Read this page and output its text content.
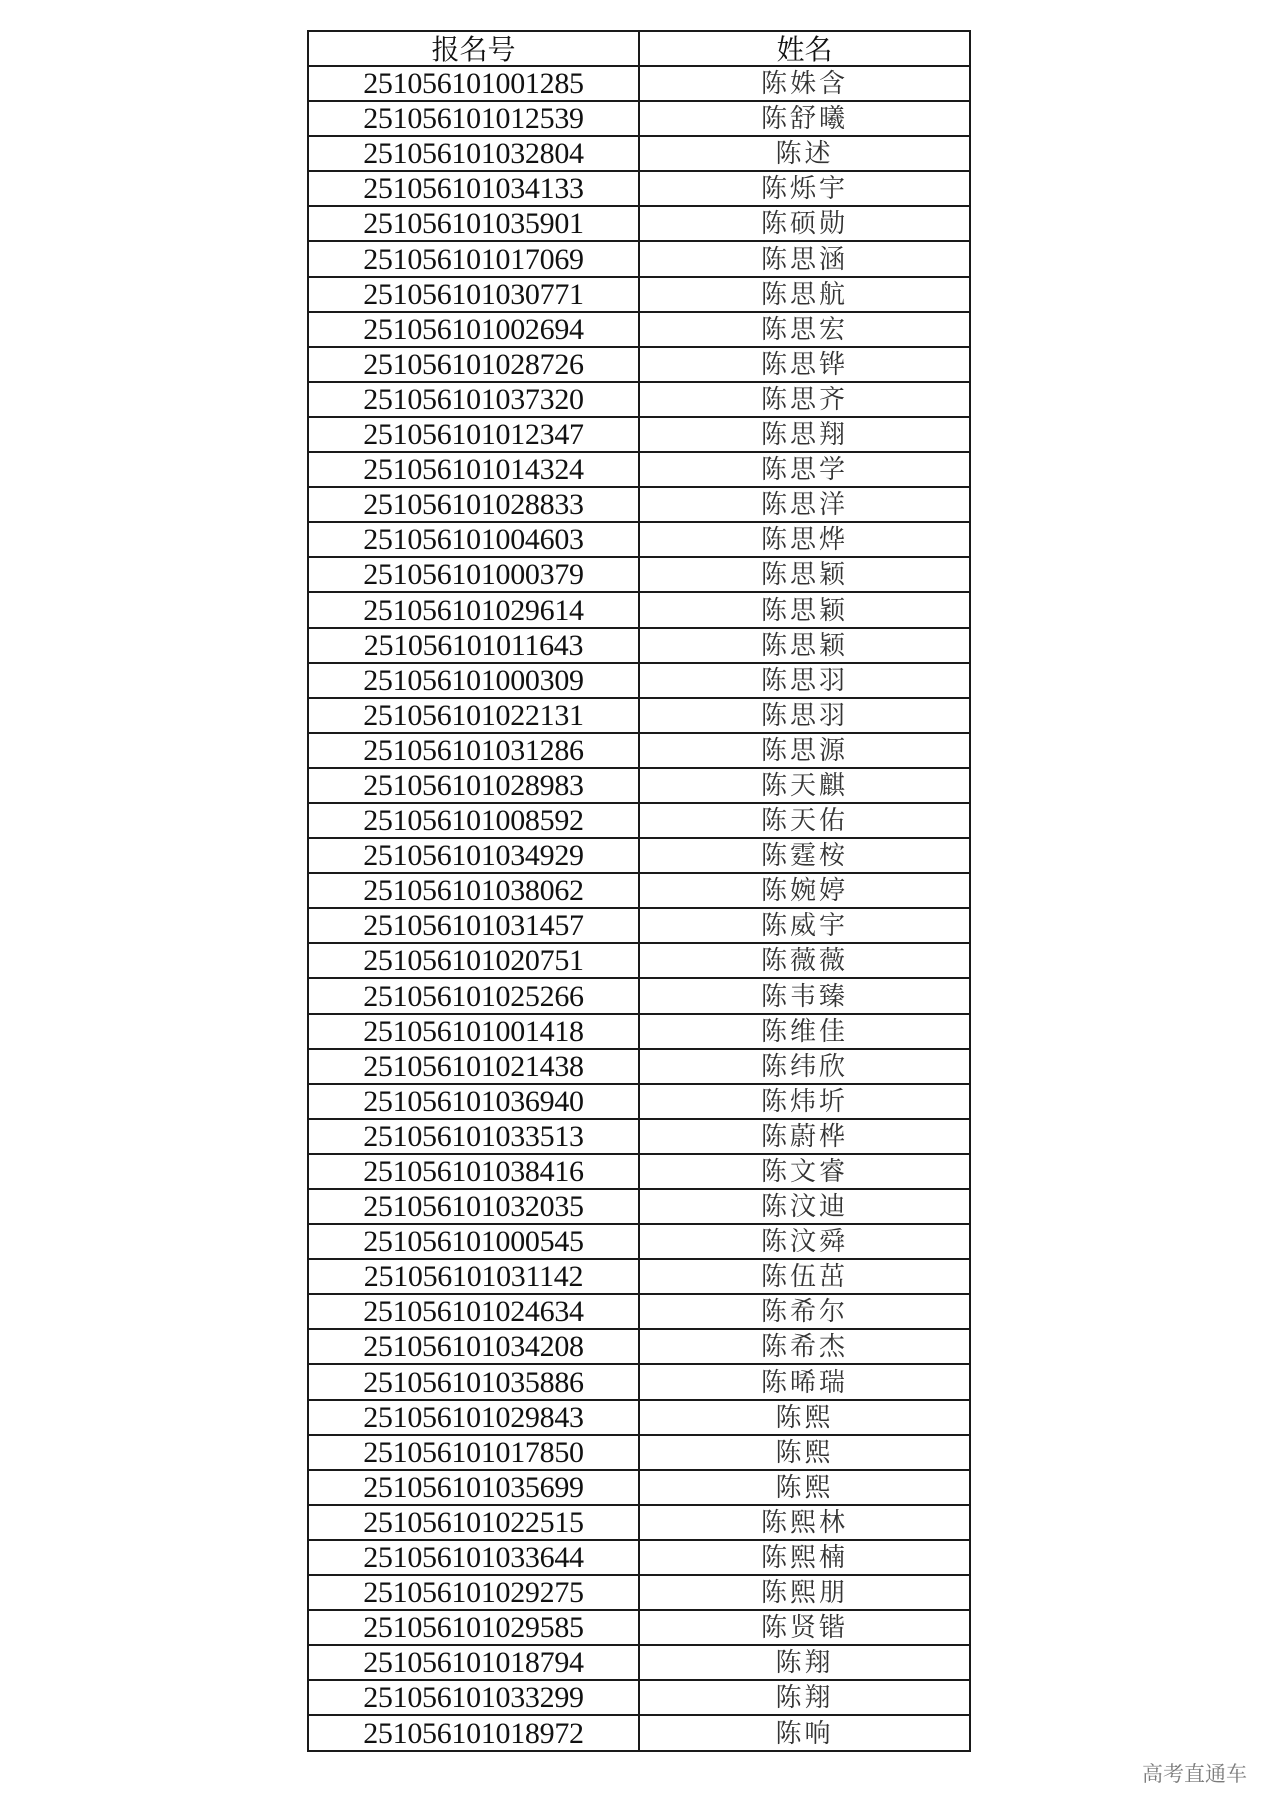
报名号	姓名
251056101001285	陈姝含
251056101012539	陈舒曦
251056101032804	陈述
251056101034133	陈烁宇
251056101035901	陈硕勋
251056101017069	陈思涵
251056101030771	陈思航
251056101002694	陈思宏
251056101028726	陈思铧
251056101037320	陈思齐
251056101012347	陈思翔
251056101014324	陈思学
251056101028833	陈思洋
251056101004603	陈思烨
251056101000379	陈思颖
251056101029614	陈思颖
251056101011643	陈思颖
251056101000309	陈思羽
251056101022131	陈思羽
251056101031286	陈思源
251056101028983	陈天麒
251056101008592	陈天佑
251056101034929	陈霆桉
251056101038062	陈婉婷
251056101031457	陈威宇
251056101020751	陈薇薇
251056101025266	陈韦臻
251056101001418	陈维佳
251056101021438	陈纬欣
251056101036940	陈炜圻
251056101033513	陈蔚桦
251056101038416	陈文睿
251056101032035	陈汶迪
251056101000545	陈汶舜
251056101031142	陈伍茁
251056101024634	陈希尔
251056101034208	陈希杰
251056101035886	陈晞瑞
251056101029843	陈熙
251056101017850	陈熙
251056101035699	陈熙
251056101022515	陈熙林
251056101033644	陈熙楠
251056101029275	陈熙朋
251056101029585	陈贤锴
251056101018794	陈翔
251056101033299	陈翔
251056101018972	陈响
高考直通车
